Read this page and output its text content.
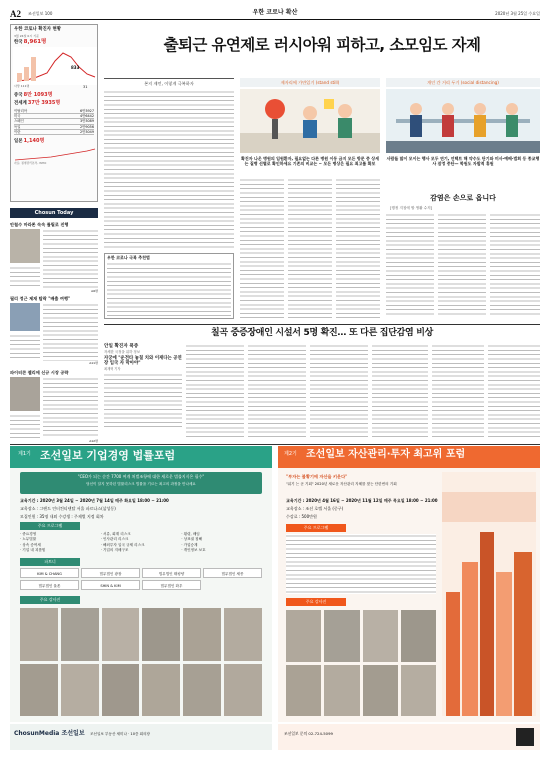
A2 조선일보 100	우한 코로나 확산	2020년 3월 25일 수요일
우한 코로나 확진자 현황
3월 24일 0시 기준
한국 8,961명
833
31
사망 111명
중국 8만 1093명
전세계 37만 3935명
이탈리아	6만3927
미국	4만6442
스페인	3만3089
독일	2만9056
이란	2만3049
일본 1,140명
자료: 질병관리본부, WHO
Chosun Today
안철수 마라톤 속속 틀릴로 진행
A6면
필리 정근 제재 탈락 "배출 여행"
A11면
파이터콘 젤리에 신규 시장 공략
A12면
출퇴근 유연제로 러시아워 피하고, 소모임도 자제
본지 제언, 이렇게 극복하자	제자리에 가만있기 (stand still)	개인 간 거리 두기 (social distancing)
확진자 나온 병원의 입원환자, 필요없는 다른 병원 이동 금지 모든 방문 중 상세는 질병 선별로 확인하세요 기존의 비교는 ~ 모든 병상은 필요 최고를 확보
사람들 많이 모이는 행사 모두 연기, 언택트 해 약수도 단기와 미사·예배·법회 등 종교행사 잠정 중단— 학원도 자발적 휴원
감염은 손으로 옵니다
[행정 지침에 할 생활 수칙]
우한 코로나 극복 추천법
칠곡 중증장애인 시설서 5명 확진… 또 다른 집단감염 비상
안일 확진자 폭증
자세한 국정을 위하 정보
자궁에 "운전타 놓칠 치와 이재다는 공연장 입국 자 막아야"
최재혁 기자
제1기 조선일보 기업경영 법률포럼
"CEO가 되는 순간 7700 여개 처벌조항에 대한 새로운 법률지식은 필수"
당신이 알지 못하던 법률리스크 법률을 기르는 최고의 과정을 만나세요
교육기간 : 2020년 3월 24일 ~ 2020년 7월 14일 매주 화요일 18:00 ~ 21:00
교육장소 : 그랜드 인터컨티넨탈 서울 파르나스(삼성동)
모집인원 : 35명 내외 수강생 : 주제별 지정 회차
주요 프로그램
· 중요경영	· 서류, 회계 리스크	· 횡령, 배임
· 노무법률	· 인사관리 리스크	· 상표권 침해
· 상속 증여세	· 해외투자 입국 규제 리스크	· 가업승계
· 기업 내 괴롭힘	· 기업의 지배구조	· 개인정보 보호
파트너
KIM & CHANG	법무법인 광장	법무법인 태평양	법무법인 세종
법무법인 율촌	SHIN & KIM	법무법인 화우
주요 강사진
제2기 조선일보 자산관리·투자 최고위 포럼
"부자는 불황기에 자산을 키운다"
"위기 는 곧 기회" 2020년 새로운 자산관리 지혜를 찾는 단한번의 기회
교육기간 : 2020년 4월 16일 ~ 2020년 11월 12일 매주 목요일 18:00 ~ 21:00
교육장소 : 조선 호텔 서울 (중구)
수강료 : 500만원
주요 프로그램
주요 강사진
ChosunMedia 조선일보 조선일보 부동산 세미나 · 10층 회의장	조선일보 문의 02-724-5099
